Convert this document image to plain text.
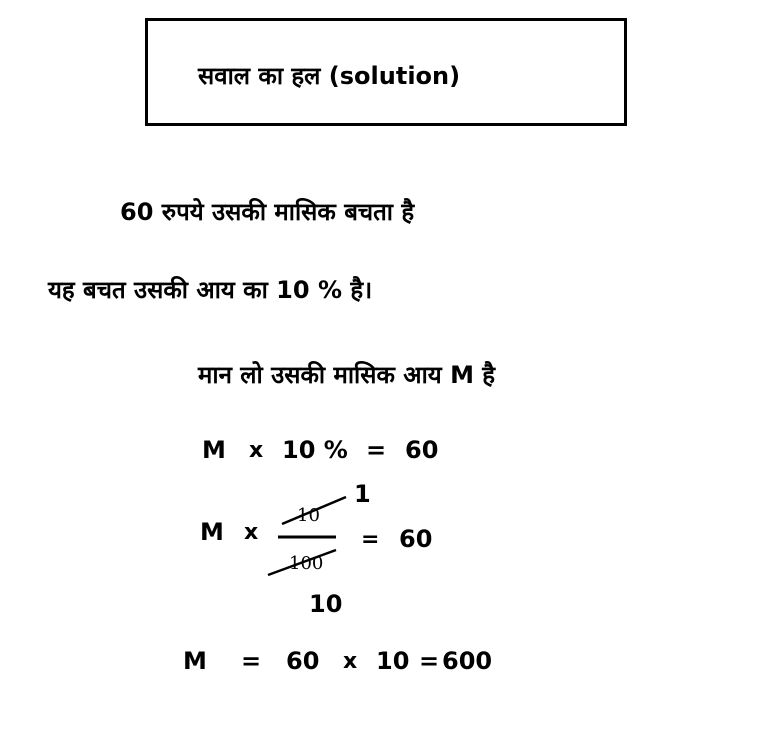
सवाल का हल (solution)
60 रुपये उसकी मासिक बचता है
यह बचत उसकी आय का 10 % है।
मान लो उसकी मासिक आय M है
M x 10 % = 60
M x
10
100
1
10
= 60
M = 60 x 10 = 600
